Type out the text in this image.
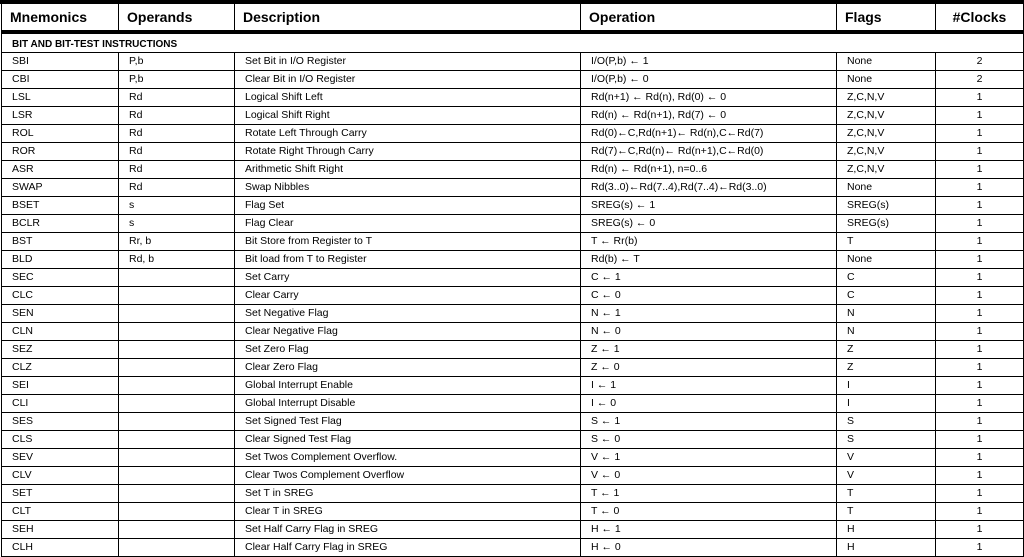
Mnemonics	Operands	Description	Operation	Flags	#Clocks
BIT AND BIT-TEST INSTRUCTIONS					
SBI	P,b	Set Bit in I/O Register	I/O(P,b) ← 1	None	2
CBI	P,b	Clear Bit in I/O Register	I/O(P,b) ← 0	None	2
LSL	Rd	Logical Shift Left	Rd(n+1) ← Rd(n), Rd(0) ← 0	Z,C,N,V	1
LSR	Rd	Logical Shift Right	Rd(n) ← Rd(n+1), Rd(7) ← 0	Z,C,N,V	1
ROL	Rd	Rotate Left Through Carry	Rd(0)←C,Rd(n+1)← Rd(n),C←Rd(7)	Z,C,N,V	1
ROR	Rd	Rotate Right Through Carry	Rd(7)←C,Rd(n)← Rd(n+1),C←Rd(0)	Z,C,N,V	1
ASR	Rd	Arithmetic Shift Right	Rd(n) ← Rd(n+1), n=0..6	Z,C,N,V	1
SWAP	Rd	Swap Nibbles	Rd(3..0)←Rd(7..4),Rd(7..4)←Rd(3..0)	None	1
BSET	s	Flag Set	SREG(s) ← 1	SREG(s)	1
BCLR	s	Flag Clear	SREG(s) ← 0	SREG(s)	1
BST	Rr, b	Bit Store from Register to T	T ← Rr(b)	T	1
BLD	Rd, b	Bit load from T to Register	Rd(b) ← T	None	1
SEC		Set Carry	C ← 1	C	1
CLC		Clear Carry	C ← 0	C	1
SEN		Set Negative Flag	N ← 1	N	1
CLN		Clear Negative Flag	N ← 0	N	1
SEZ		Set Zero Flag	Z ← 1	Z	1
CLZ		Clear Zero Flag	Z ← 0	Z	1
SEI		Global Interrupt Enable	I ← 1	I	1
CLI		Global Interrupt Disable	I ← 0	I	1
SES		Set Signed Test Flag	S ← 1	S	1
CLS		Clear Signed Test Flag	S ← 0	S	1
SEV		Set Twos Complement Overflow.	V ← 1	V	1
CLV		Clear Twos Complement Overflow	V ← 0	V	1
SET		Set T in SREG	T ← 1	T	1
CLT		Clear T in SREG	T ← 0	T	1
SEH		Set Half Carry Flag in SREG	H ← 1	H	1
CLH		Clear Half Carry Flag in SREG	H ← 0	H	1
